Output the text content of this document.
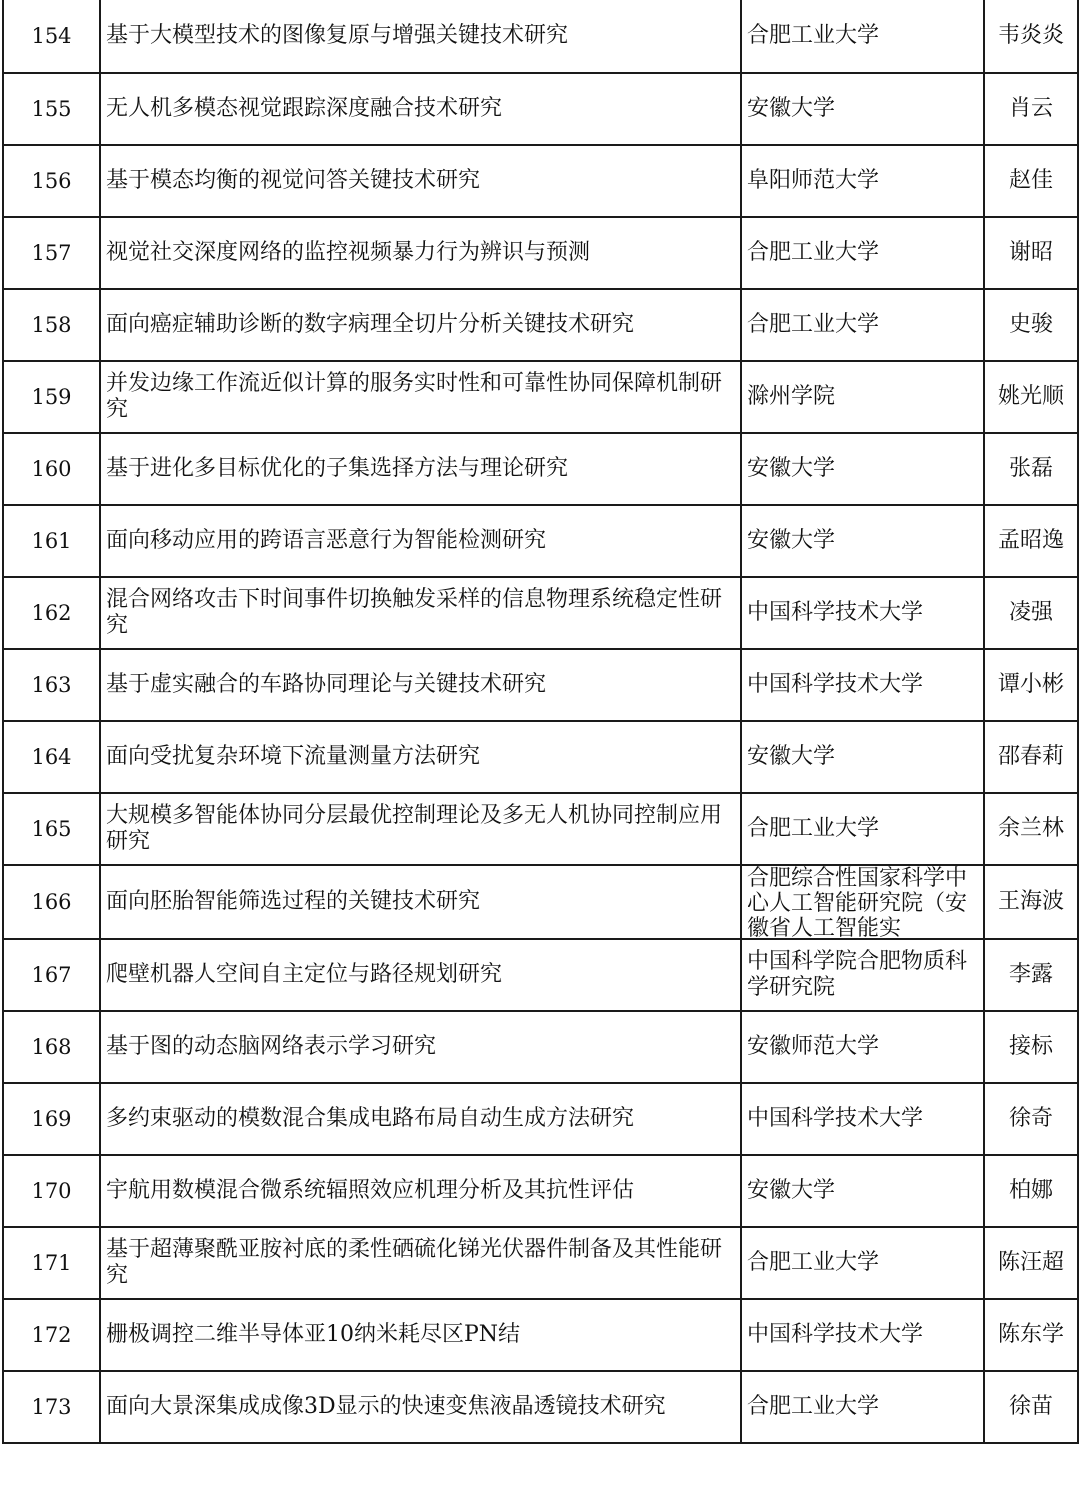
154	基于大模型技术的图像复原与增强关键技术研究	合肥工业大学	韦炎炎
155	无人机多模态视觉跟踪深度融合技术研究	安徽大学	肖云
156	基于模态均衡的视觉问答关键技术研究	阜阳师范大学	赵佳
157	视觉社交深度网络的监控视频暴力行为辨识与预测	合肥工业大学	谢昭
158	面向癌症辅助诊断的数字病理全切片分析关键技术研究	合肥工业大学	史骏
159	并发边缘工作流近似计算的服务实时性和可靠性协同保障机制研究	滁州学院	姚光顺
160	基于进化多目标优化的子集选择方法与理论研究	安徽大学	张磊
161	面向移动应用的跨语言恶意行为智能检测研究	安徽大学	孟昭逸
162	混合网络攻击下时间事件切换触发采样的信息物理系统稳定性研究	中国科学技术大学	凌强
163	基于虚实融合的车路协同理论与关键技术研究	中国科学技术大学	谭小彬
164	面向受扰复杂环境下流量测量方法研究	安徽大学	邵春莉
165	大规模多智能体协同分层最优控制理论及多无人机协同控制应用研究	合肥工业大学	余兰林
166	面向胚胎智能筛选过程的关键技术研究	合肥综合性国家科学中心人工智能研究院（安徽省人工智能实	王海波
167	爬壁机器人空间自主定位与路径规划研究	中国科学院合肥物质科学研究院	李露
168	基于图的动态脑网络表示学习研究	安徽师范大学	接标
169	多约束驱动的模数混合集成电路布局自动生成方法研究	中国科学技术大学	徐奇
170	宇航用数模混合微系统辐照效应机理分析及其抗性评估	安徽大学	柏娜
171	基于超薄聚酰亚胺衬底的柔性硒硫化锑光伏器件制备及其性能研究	合肥工业大学	陈汪超
172	栅极调控二维半导体亚10纳米耗尽区PN结	中国科学技术大学	陈东学
173	面向大景深集成成像3D显示的快速变焦液晶透镜技术研究	合肥工业大学	徐苗
